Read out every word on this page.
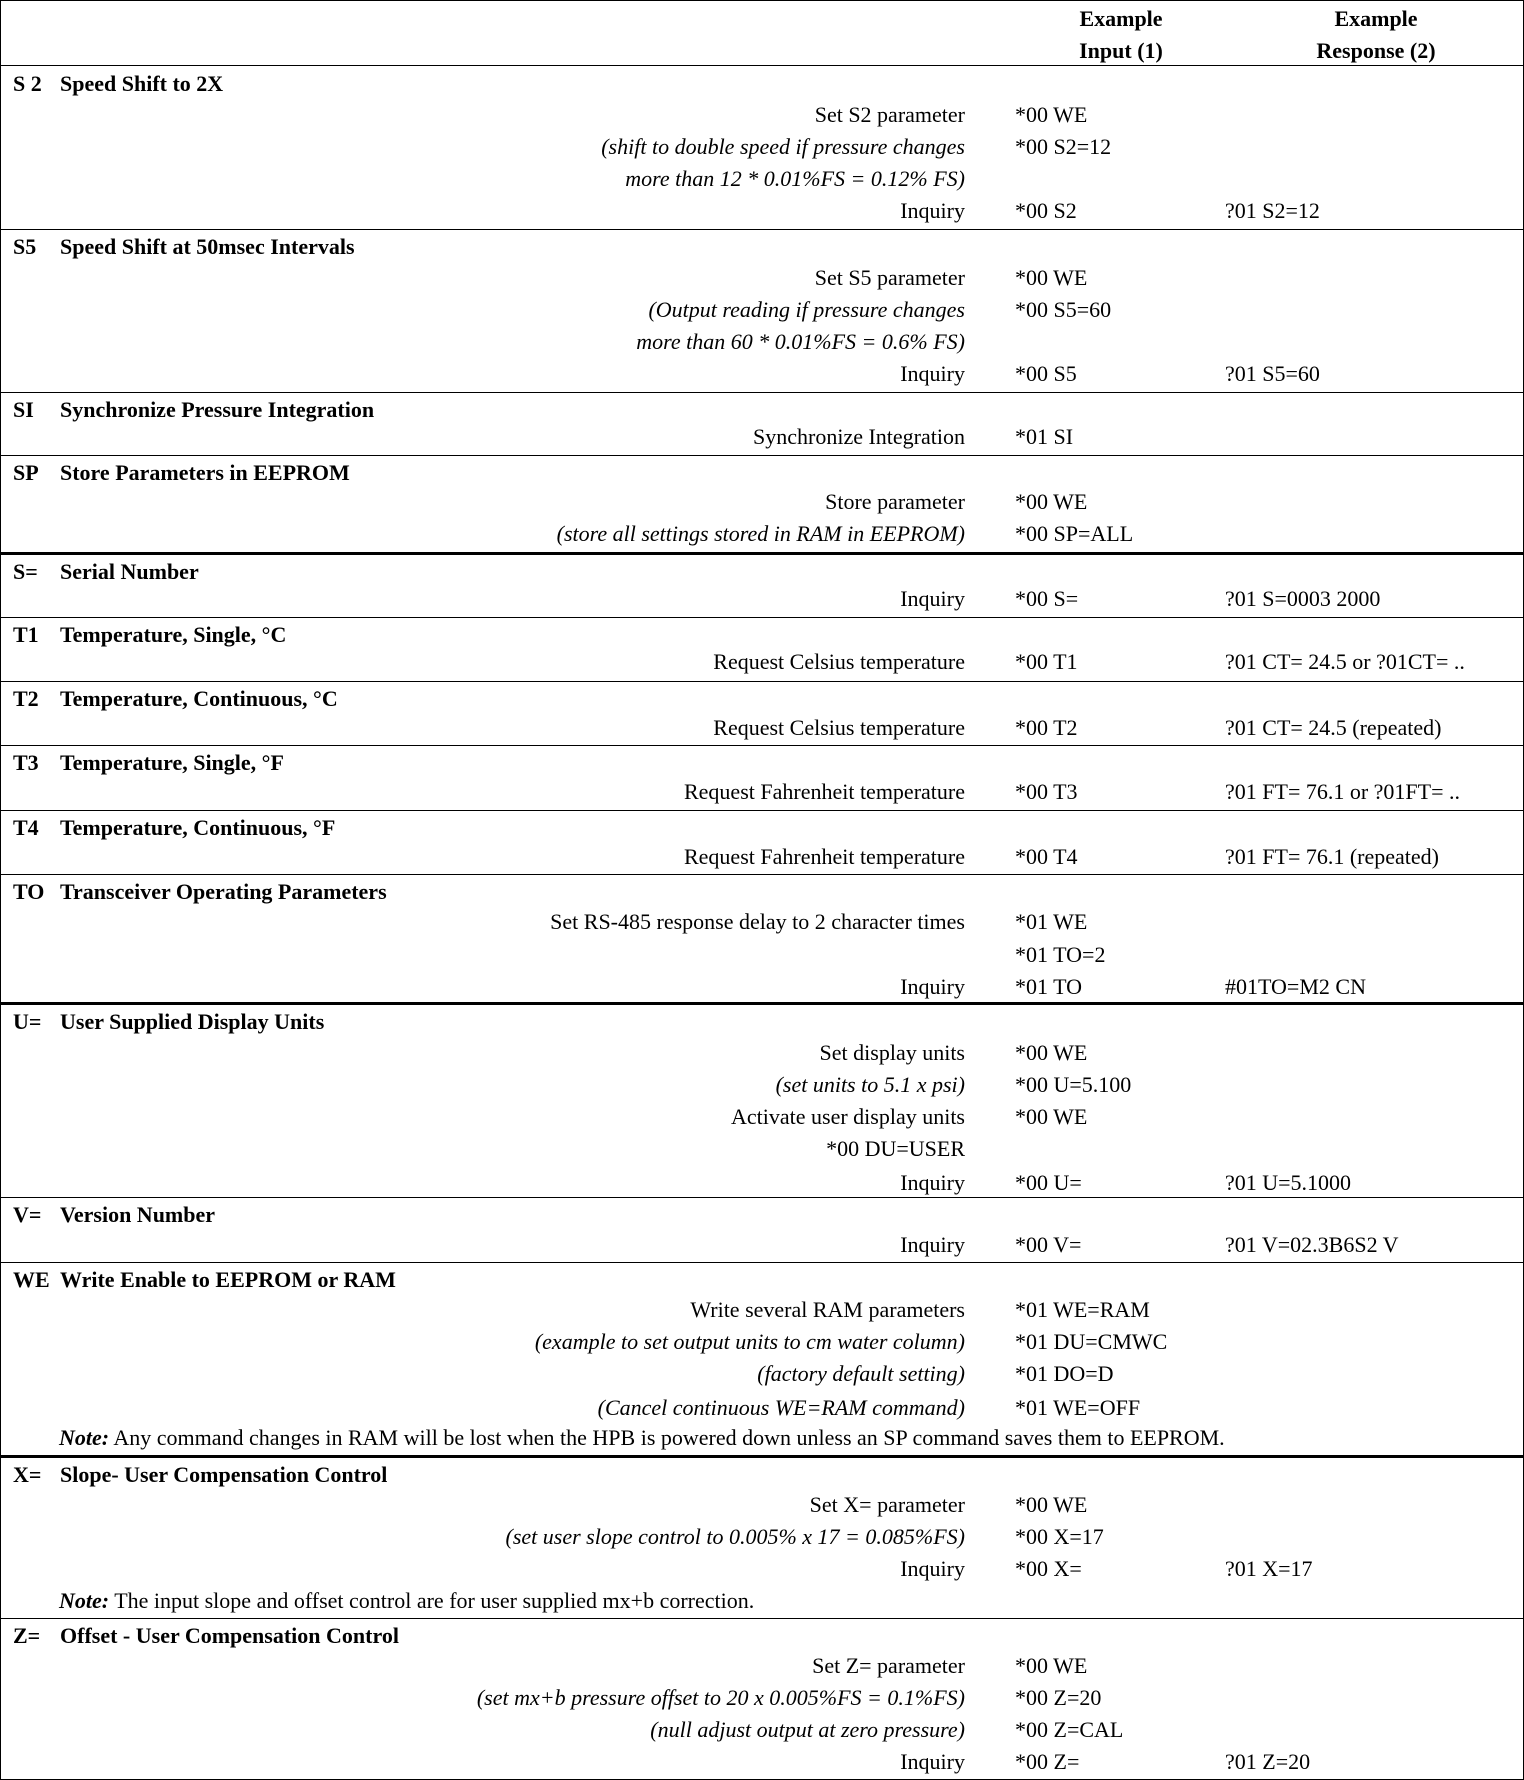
Example
Input (1)
Example
Response (2)
S 2 Speed Shift to 2X
Set S2 parameter *00 WE
(shift to double speed if pressure changes *00 S2=12
more than 12 * 0.01%FS = 0.12% FS)
Inquiry *00 S2	?01 S2=12
S5 Speed Shift at 50msec Intervals
Set S5 parameter *00 WE
(Output reading if pressure changes *00 S5=60
more than 60 * 0.01%FS = 0.6% FS)
Inquiry *00 S5	?01 S5=60
SI Synchronize Pressure Integration
Synchronize Integration *01 SI
SP Store Parameters in EEPROM
Store parameter *00 WE
(store all settings stored in RAM in EEPROM) *00 SP=ALL
S= Serial Number
Inquiry *00 S=	?01 S=0003 2000
T1 Temperature, Single, °C
Request Celsius temperature *00 T1	?01 CT= 24.5 or ?01CT= ..
T2 Temperature, Continuous, °C
Request Celsius temperature *00 T2	?01 CT= 24.5 (repeated)
T3 Temperature, Single, °F
Request Fahrenheit temperature *00 T3	?01 FT= 76.1 or ?01FT= ..
T4 Temperature, Continuous, °F
Request Fahrenheit temperature *00 T4	?01 FT= 76.1 (repeated)
TO Transceiver Operating Parameters
Set RS-485 response delay to 2 character times *01 WE
*01 TO=2
Inquiry *01 TO	#01TO=M2 CN
U= User Supplied Display Units
Set display units *00 WE
(set units to 5.1 x psi) *00 U=5.100
Activate user display units *00 WE
*00 DU=USER
Inquiry *00 U=	?01 U=5.1000
V= Version Number
Inquiry *00 V=	?01 V=02.3B6S2 V
WE Write Enable to EEPROM or RAM
Write several RAM parameters *01 WE=RAM
(example to set output units to cm water column) *01 DU=CMWC
(factory default setting) *01 DO=D
(Cancel continuous WE=RAM command) *01 WE=OFF
Note: Any command changes in RAM will be lost when the HPB is powered down unless an SP command saves them to EEPROM.
X= Slope- User Compensation Control
Set X= parameter *00 WE
(set user slope control to 0.005% x 17 = 0.085%FS) *00 X=17
Inquiry *00 X=	?01 X=17
Note: The input slope and offset control are for user supplied mx+b correction.
Z= Offset - User Compensation Control
Set Z= parameter *00 WE
(set mx+b pressure offset to 20 x 0.005%FS = 0.1%FS) *00 Z=20
(null adjust output at zero pressure) *00 Z=CAL
Inquiry *00 Z=	?01 Z=20
